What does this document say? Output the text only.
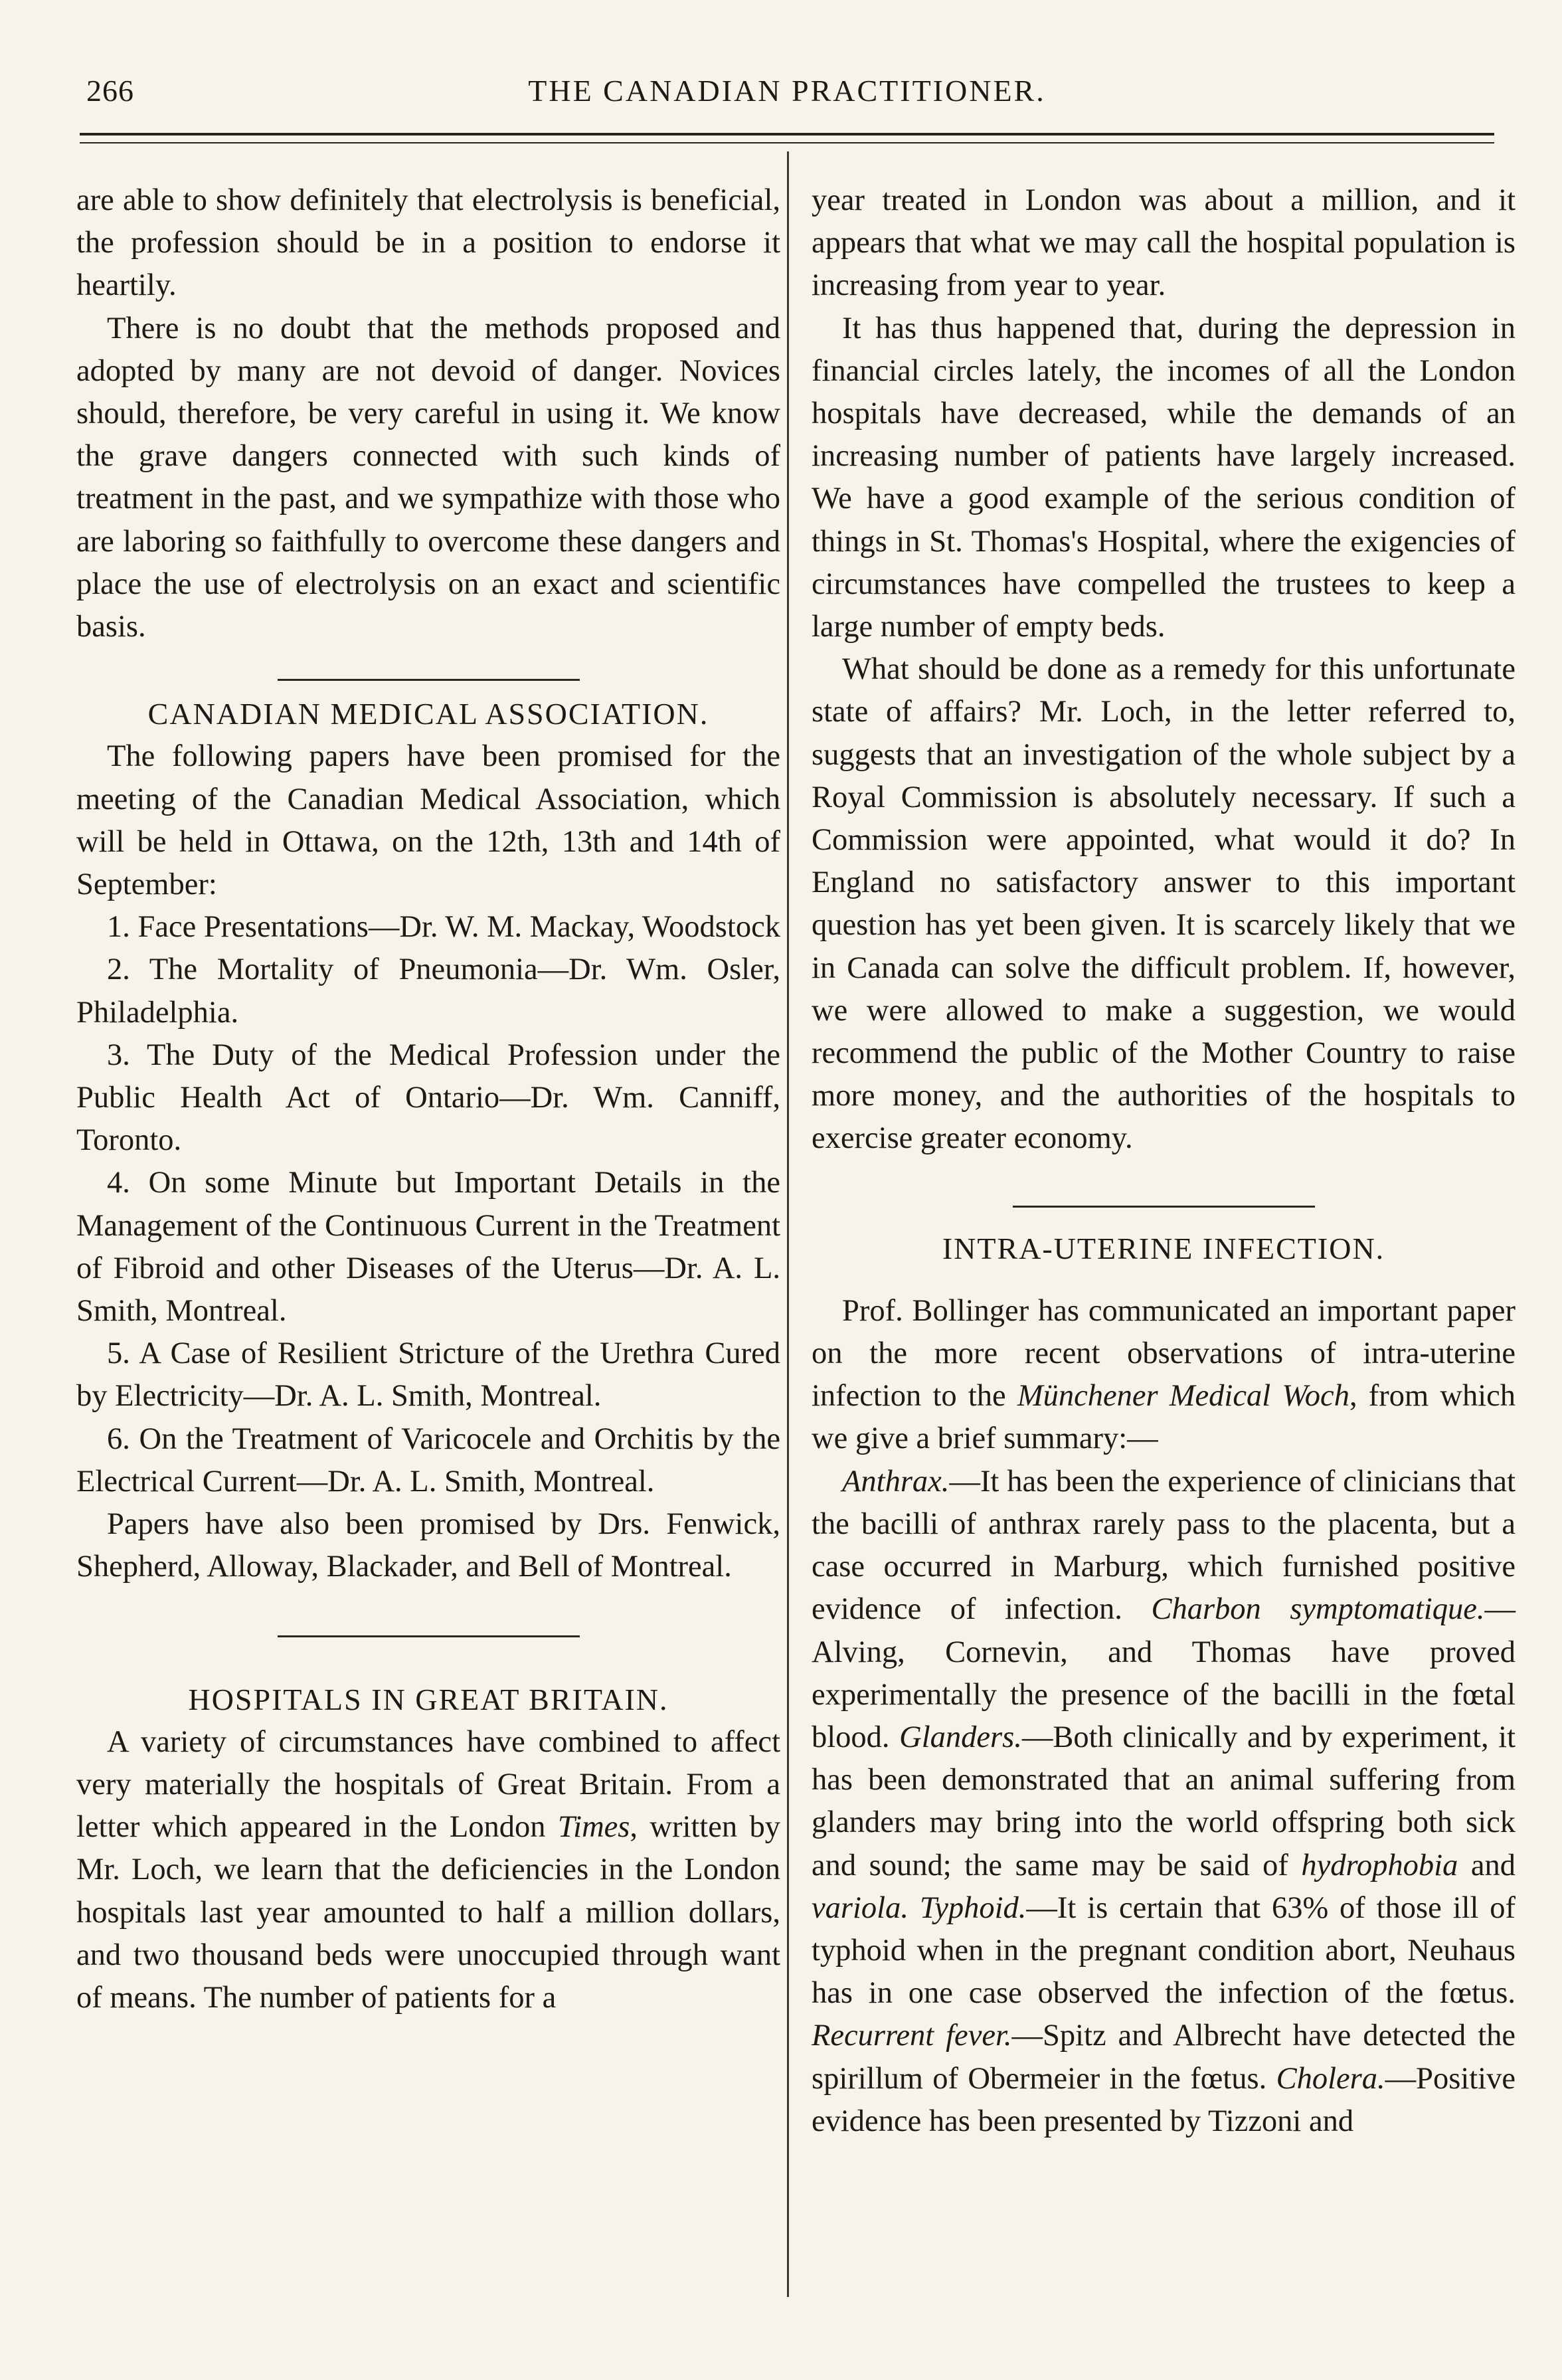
266	THE CANADIAN PRACTITIONER.

are able to show definitely that electrolysis is beneficial, the profession should be in a position to endorse it heartily.

There is no doubt that the methods proposed and adopted by many are not devoid of danger. Novices should, therefore, be very careful in using it. We know the grave dangers connected with such kinds of treatment in the past, and we sympathize with those who are laboring so faithfully to overcome these dangers and place the use of electrolysis on an exact and scientific basis.

CANADIAN MEDICAL ASSOCIATION.

The following papers have been promised for the meeting of the Canadian Medical Association, which will be held in Ottawa, on the 12th, 13th and 14th of September:

1. Face Presentations—Dr. W. M. Mackay, Woodstock

2. The Mortality of Pneumonia—Dr. Wm. Osler, Philadelphia.

3. The Duty of the Medical Profession under the Public Health Act of Ontario—Dr. Wm. Canniff, Toronto.

4. On some Minute but Important Details in the Management of the Continuous Current in the Treatment of Fibroid and other Diseases of the Uterus—Dr. A. L. Smith, Montreal.

5. A Case of Resilient Stricture of the Urethra Cured by Electricity—Dr. A. L. Smith, Montreal.

6. On the Treatment of Varicocele and Orchitis by the Electrical Current—Dr. A. L. Smith, Montreal.

Papers have also been promised by Drs. Fenwick, Shepherd, Alloway, Blackader, and Bell of Montreal.

HOSPITALS IN GREAT BRITAIN.

A variety of circumstances have combined to affect very materially the hospitals of Great Britain. From a letter which appeared in the London Times, written by Mr. Loch, we learn that the deficiencies in the London hospitals last year amounted to half a million dollars, and two thousand beds were unoccupied through want of means. The number of patients for a

year treated in London was about a million, and it appears that what we may call the hospital population is increasing from year to year.

It has thus happened that, during the depression in financial circles lately, the incomes of all the London hospitals have decreased, while the demands of an increasing number of patients have largely increased. We have a good example of the serious condition of things in St. Thomas's Hospital, where the exigencies of circumstances have compelled the trustees to keep a large number of empty beds.

What should be done as a remedy for this unfortunate state of affairs? Mr. Loch, in the letter referred to, suggests that an investigation of the whole subject by a Royal Commission is absolutely necessary. If such a Commission were appointed, what would it do? In England no satisfactory answer to this important question has yet been given. It is scarcely likely that we in Canada can solve the difficult problem. If, however, we were allowed to make a suggestion, we would recommend the public of the Mother Country to raise more money, and the authorities of the hospitals to exercise greater economy.

INTRA-UTERINE INFECTION.

Prof. Bollinger has communicated an important paper on the more recent observations of intra-uterine infection to the Münchener Medical Woch, from which we give a brief summary:—

Anthrax.—It has been the experience of clinicians that the bacilli of anthrax rarely pass to the placenta, but a case occurred in Marburg, which furnished positive evidence of infection. Charbon symptomatique.—Alving, Cornevin, and Thomas have proved experimentally the presence of the bacilli in the fœtal blood. Glanders.—Both clinically and by experiment, it has been demonstrated that an animal suffering from glanders may bring into the world offspring both sick and sound; the same may be said of hydrophobia and variola. Typhoid.—It is certain that 63% of those ill of typhoid when in the pregnant condition abort, Neuhaus has in one case observed the infection of the fœtus. Recurrent fever.—Spitz and Albrecht have detected the spirillum of Obermeier in the fœtus. Cholera.—Positive evidence has been presented by Tizzoni and
